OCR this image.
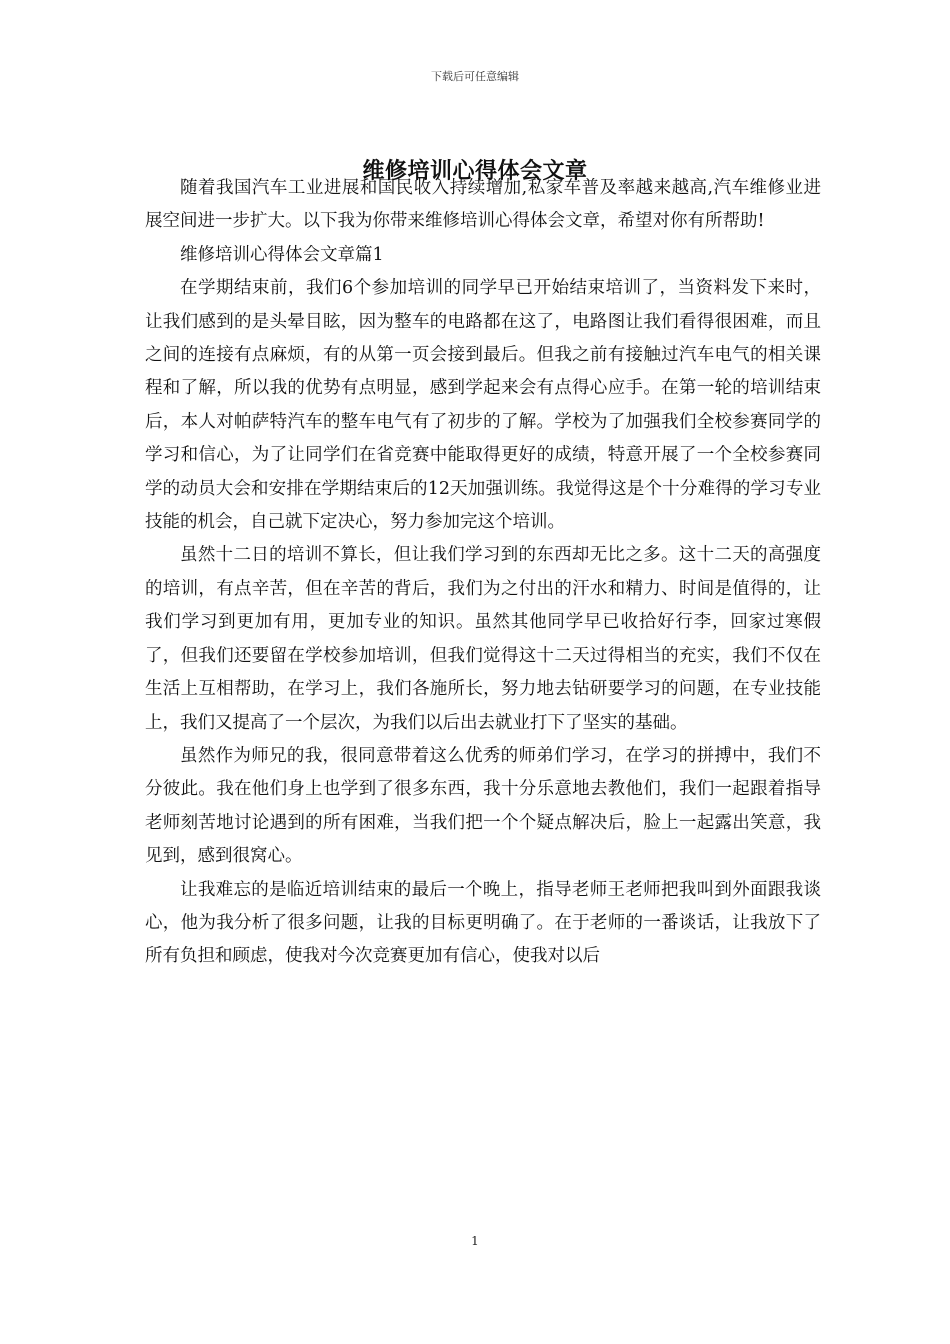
下载后可任意编辑
维修培训心得体会文章

随着我国汽车工业进展和国民收入持续增加,私家车普及率越来越高,汽车维修业进展空间进一步扩大。以下我为你带来维修培训心得体会文章，希望对你有所帮助!

维修培训心得体会文章篇1

在学期结束前，我们6个参加培训的同学早已开始结束培训了，当资料发下来时，让我们感到的是头晕目眩，因为整车的电路都在这了，电路图让我们看得很困难，而且之间的连接有点麻烦，有的从第一页会接到最后。但我之前有接触过汽车电气的相关课程和了解，所以我的优势有点明显，感到学起来会有点得心应手。在第一轮的培训结束后，本人对帕萨特汽车的整车电气有了初步的了解。学校为了加强我们全校参赛同学的学习和信心，为了让同学们在省竞赛中能取得更好的成绩，特意开展了一个全校参赛同学的动员大会和安排在学期结束后的12天加强训练。我觉得这是个十分难得的学习专业技能的机会，自己就下定决心，努力参加完这个培训。

虽然十二日的培训不算长，但让我们学习到的东西却无比之多。这十二天的高强度的培训，有点辛苦，但在辛苦的背后，我们为之付出的汗水和精力、时间是值得的，让我们学习到更加有用，更加专业的知识。虽然其他同学早已收拾好行李，回家过寒假了，但我们还要留在学校参加培训，但我们觉得这十二天过得相当的充实，我们不仅在生活上互相帮助，在学习上，我们各施所长，努力地去钻研要学习的问题，在专业技能上，我们又提高了一个层次，为我们以后出去就业打下了坚实的基础。

虽然作为师兄的我，很同意带着这么优秀的师弟们学习，在学习的拼搏中，我们不分彼此。我在他们身上也学到了很多东西，我十分乐意地去教他们，我们一起跟着指导老师刻苦地讨论遇到的所有困难，当我们把一个个疑点解决后，脸上一起露出笑意，我见到，感到很窝心。

让我难忘的是临近培训结束的最后一个晚上，指导老师王老师把我叫到外面跟我谈心，他为我分析了很多问题，让我的目标更明确了。在于老师的一番谈话，让我放下了所有负担和顾虑，使我对今次竞赛更加有信心，使我对以后

1
